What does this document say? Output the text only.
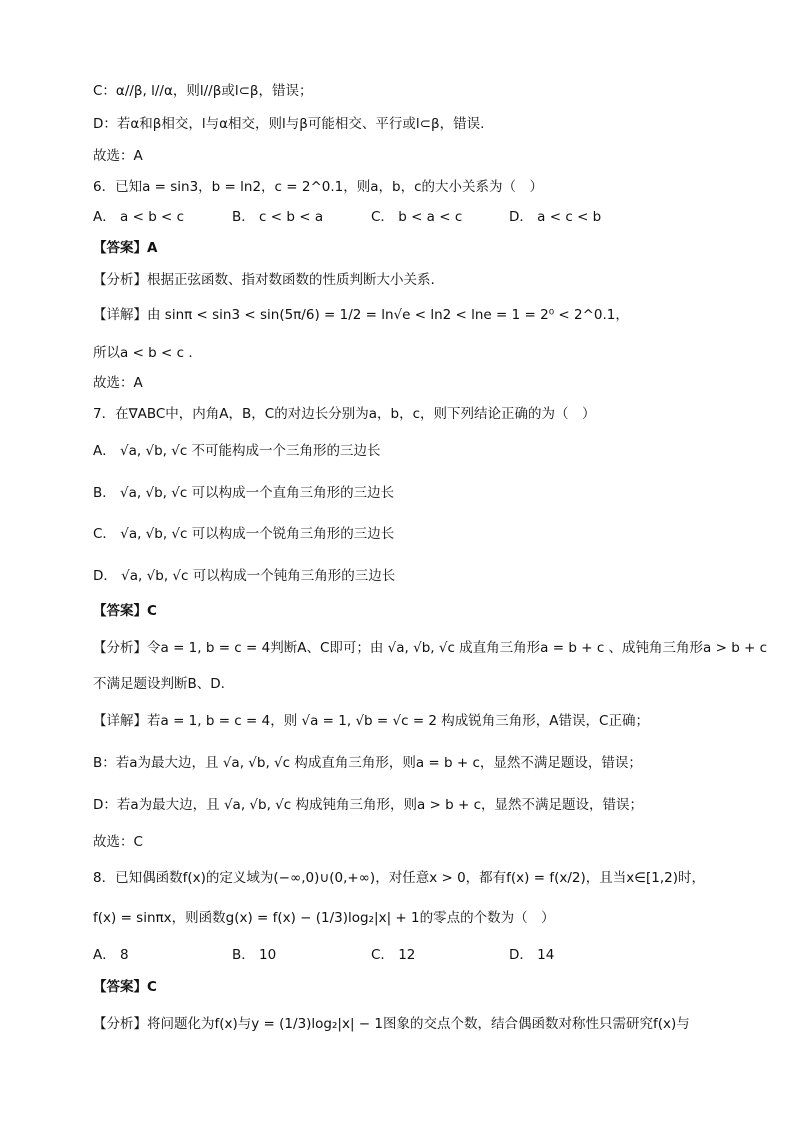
C：α//β, l//α，则l//β或l⊂β，错误；
D：若α和β相交，l与α相交，则l与β可能相交、平行或l⊂β，错误.
故选：A
6．已知a = sin3，b = ln2，c = 2^0.1，则a，b，c的大小关系为（　）
A． a < b < c	B． c < b < a	C． b < a < c	D． a < c < b
【答案】A
【分析】根据正弦函数、指对数函数的性质判断大小关系.
【详解】由 sinπ < sin3 < sin(5π/6) = 1/2 = ln√e < ln2 < lne = 1 = 2⁰ < 2^0.1，
所以a < b < c .
故选：A
7．在∇ABC中，内角A，B，C的对边长分别为a，b，c，则下列结论正确的为（　）
A． √a, √b, √c 不可能构成一个三角形的三边长
B． √a, √b, √c 可以构成一个直角三角形的三边长
C． √a, √b, √c 可以构成一个锐角三角形的三边长
D． √a, √b, √c 可以构成一个钝角三角形的三边长
【答案】C
【分析】令a = 1, b = c = 4判断A、C即可；由 √a, √b, √c 成直角三角形a = b + c 、成钝角三角形a > b + c
不满足题设判断B、D.
【详解】若a = 1, b = c = 4，则 √a = 1, √b = √c = 2 构成锐角三角形，A错误，C正确；
B：若a为最大边，且 √a, √b, √c 构成直角三角形，则a = b + c，显然不满足题设，错误；
D：若a为最大边，且 √a, √b, √c 构成钝角三角形，则a > b + c，显然不满足题设，错误；
故选：C
8．已知偶函数f(x)的定义域为(−∞,0)∪(0,+∞)，对任意x > 0，都有f(x) = f(x/2)，且当x∈[1,2)时，
f(x) = sinπx，则函数g(x) = f(x) − (1/3)log₂|x| + 1的零点的个数为（　）
A． 8	B． 10	C． 12	D． 14
【答案】C
【分析】将问题化为f(x)与y = (1/3)log₂|x| − 1图象的交点个数，结合偶函数对称性只需研究f(x)与
